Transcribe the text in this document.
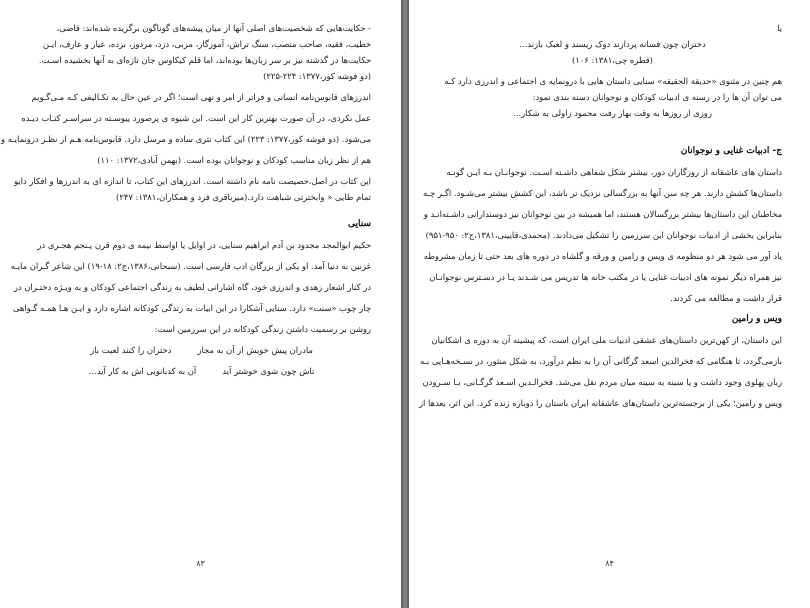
- حکایت‌هایی که شخصیت‌های اصلی آنها از میان پیشه‌های گوناگون برگزیده شده‌اند: قاضی،
خطیب، فقیه، صاحب منصب، سنگ تراش، آموزگار، مربی، دزد، مردوز، برده، عیار و عارف، ایـن
حکایت‌ها در گذشته نیز بر سر زبان‌ها بوده‌اند، اما قلم کیکاوس جان تازه‌ای به آنها بخشیده اسـت.
(دو فوشه کور،۱۳۷۷: ۲۲۴-۲۲۵)
اندرزهای قابوس‌نامه انسانی و فراتر از امر و نهی است؛ اگر در عین حال به تکـالیفی کـه مـی‌گـویم
عمل نکردی، در آن صورت بهترین کار این است. این شیوه ی پرصورد پیوسـته در سراسـر کتـاب دیـده
می‌شود. (دو فوشه کور،۱۳۷۷: ۲۲۳) این کتاب نثری ساده و مرسل دارد. قابوس‌نامه هـم از نظـر درونمایـه و
هم از نظر زبان مناسب کودکان و نوجوانان بوده است. (بهمن آبادی،۱۳۷۲: ۱۱۰)
این کتاب در اصل،خصیصت نامه نام داشته است. اندرزهای این کتاب، تا اندازه ای به اندرزها و افکار دایو
تمام طایی « وابخترتی شباهت دارد.(میرباقری فرد و همکاران،۱۳۸۱: ۲۴۷)
سنایی
حکیم ابوالمجد مجدود بن آدم ابراهیم سنایی، در اوایل یا اواسط نیمه ی دوم قرن پـنجم هجـری در
غزنین به دنیا آمد. او یکی از بزرگان ادب فارسی است. (سبحانی،۱۳۸۶،ج۲: ۱۸-۱۹) این شاعر گـران مایـه
در کنار اشعار زهدی و اندرزی خود، گاه اشاراتی لطیف به زندگی اجتماعی کودکان و به ویـژه دختـران در
چار چوب «سنت» دارد. سنایی آشکارا در این ابیات به زندگی کودکانه اشاره دارد و ایـن هـا همـه گـواهی
روشن بر رسمیت داشتن زندگی کودکانه در این سرزمین است:
مادران پیش خویش از آن به مجاز
دختران را کنند لعبت باز
تاش چون شوی خوشتر آید
آن به کدبانویی اش به کار آید...
۸۳
یا
دختران چون فسانه پردازند دوک ریسند و لعبک بازند...
(قطره چی،۱۳۸۱: ۱۰۶)
هم چنین در مثنوی «حدیقة الحقیقه» سنایی داستان هایی با درونمایه ی اجتماعی و اندرزی دارد کـه
می توان آن ها را در رسته ی ادبیات کودکان و نوجوانان دسته بندی نمود:
روزی از روزها به وقت بهار رفت محمود زاولی به شکار...
ج- ادبیات غنایی و نوجوانان
داستان های عاشقانه از روزگاران دور، بیشتر شکل شفاهی داشـته اسـت. نوجوانـان بـه ایـن گونـه
داستان‌ها کشش دارند. هر چه سن آنها به بزرگسالی نزدیک تر باشد، این کشش بیشتر می‌شـود. اگـر چـه
مخاطبان این داستان‌ها بیشتر بزرگسالان هستند، اما همیشه در بین نوجوانان نیز دوستدارانی داشـته‌انـد و
بنابراین بخشی از ادبیات نوجوانان این سرزمین را تشکیل می‌دادند. (محمدی،قایینی،۱۳۸۱،ج۲: ۹۵۰-۹۵۱)
یاد آور می شود هر دو منظومه ی ویس و رامین و ورقه و گلشاه در دوره های بعد حتی تا زمان مشروطه
نیز همراه دیگر نمونه های ادبیات غنایی یا در مکتب خانه ها تدریس می شـدند یـا در دسـترس نوجوانـان
قرار داشت و مطالعه می کردند.
ویس و رامین
این داستان، از کهن‌ترین داستان‌های عشقی ادبیات ملی ایران است، که پیشینه آن به دوره ی اشکانیان
بازمی‌گردد، تا هنگامی که فخرالدین اسعد گرگانی آن را به نظم درآورد، به شکل منثور، در نسـخه‌هـایی بـه
زبان پهلوی وجود داشت و یا سینه به سینه میان مردم نقل می‌شد. فخرالـدین اسـعد گرگـانی، بـا سـرودن
ویس و رامین؛ یکی از برجسته‌ترین داستان‌های عاشقانه ایران باستان را دوباره زنده کرد. این اثر، بعدها از
۸۴
